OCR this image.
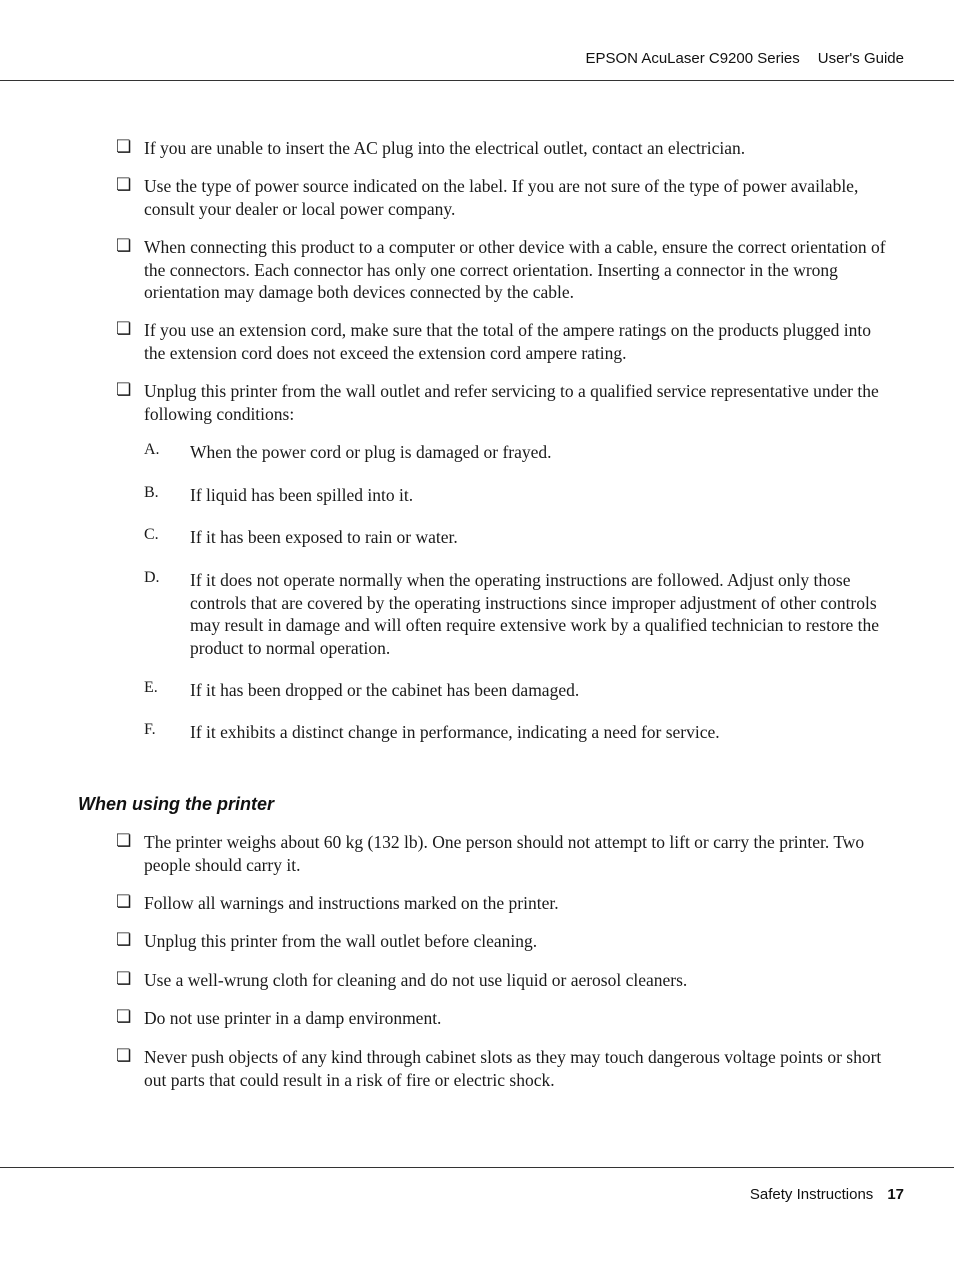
EPSON AcuLaser C9200 Series User's Guide
❏ If you are unable to insert the AC plug into the electrical outlet, contact an electrician.
❏ Use the type of power source indicated on the label. If you are not sure of the type of power available, consult your dealer or local power company.
❏ When connecting this product to a computer or other device with a cable, ensure the correct orientation of the connectors. Each connector has only one correct orientation. Inserting a connector in the wrong orientation may damage both devices connected by the cable.
❏ If you use an extension cord, make sure that the total of the ampere ratings on the products plugged into the extension cord does not exceed the extension cord ampere rating.
❏ Unplug this printer from the wall outlet and refer servicing to a qualified service representative under the following conditions:
A. When the power cord or plug is damaged or frayed.
B. If liquid has been spilled into it.
C. If it has been exposed to rain or water.
D. If it does not operate normally when the operating instructions are followed. Adjust only those controls that are covered by the operating instructions since improper adjustment of other controls may result in damage and will often require extensive work by a qualified technician to restore the product to normal operation.
E. If it has been dropped or the cabinet has been damaged.
F. If it exhibits a distinct change in performance, indicating a need for service.
When using the printer
❏ The printer weighs about 60 kg (132 lb). One person should not attempt to lift or carry the printer. Two people should carry it.
❏ Follow all warnings and instructions marked on the printer.
❏ Unplug this printer from the wall outlet before cleaning.
❏ Use a well-wrung cloth for cleaning and do not use liquid or aerosol cleaners.
❏ Do not use printer in a damp environment.
❏ Never push objects of any kind through cabinet slots as they may touch dangerous voltage points or short out parts that could result in a risk of fire or electric shock.
Safety Instructions 17
